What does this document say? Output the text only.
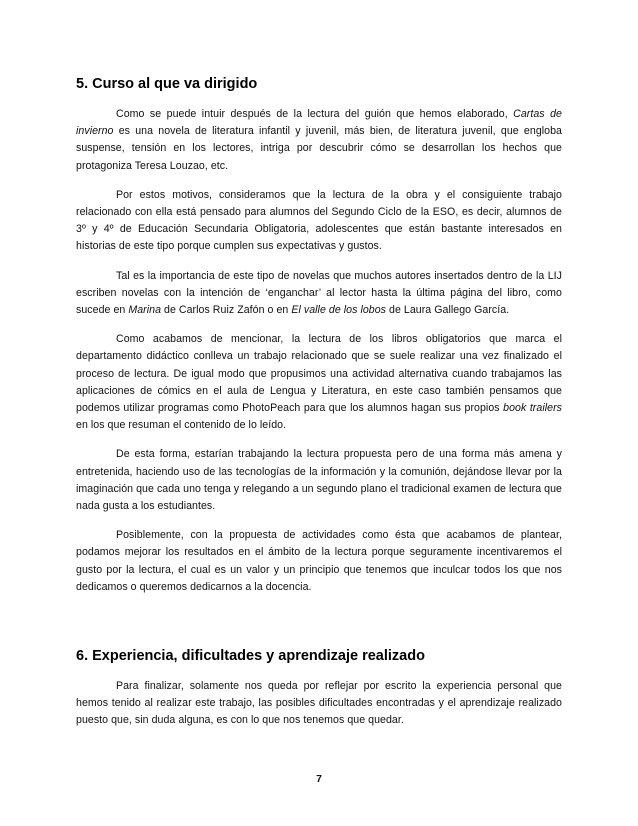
5. Curso al que va dirigido

Como se puede intuir después de la lectura del guión que hemos elaborado, Cartas de invierno es una novela de literatura infantil y juvenil, más bien, de literatura juvenil, que engloba suspense, tensión en los lectores, intriga por descubrir cómo se desarrollan los hechos que protagoniza Teresa Louzao, etc.

Por estos motivos, consideramos que la lectura de la obra y el consiguiente trabajo relacionado con ella está pensado para alumnos del Segundo Ciclo de la ESO, es decir, alumnos de 3º y 4º de Educación Secundaria Obligatoria, adolescentes que están bastante interesados en historias de este tipo porque cumplen sus expectativas y gustos.

Tal es la importancia de este tipo de novelas que muchos autores insertados dentro de la LIJ escriben novelas con la intención de ‘enganchar’ al lector hasta la última página del libro, como sucede en Marina de Carlos Ruiz Zafón o en El valle de los lobos de Laura Gallego García.

Como acabamos de mencionar, la lectura de los libros obligatorios que marca el departamento didáctico conlleva un trabajo relacionado que se suele realizar una vez finalizado el proceso de lectura. De igual modo que propusimos una actividad alternativa cuando trabajamos las aplicaciones de cómics en el aula de Lengua y Literatura, en este caso también pensamos que podemos utilizar programas como PhotoPeach para que los alumnos hagan sus propios book trailers en los que resuman el contenido de lo leído.

De esta forma, estarían trabajando la lectura propuesta pero de una forma más amena y entretenida, haciendo uso de las tecnologías de la información y la comunión, dejándose llevar por la imaginación que cada uno tenga y relegando a un segundo plano el tradicional examen de lectura que nada gusta a los estudiantes.

Posiblemente, con la propuesta de actividades como ésta que acabamos de plantear, podamos mejorar los resultados en el ámbito de la lectura porque seguramente incentivaremos el gusto por la lectura, el cual es un valor y un principio que tenemos que inculcar todos los que nos dedicamos o queremos dedicarnos a la docencia.

6. Experiencia, dificultades y aprendizaje realizado

Para finalizar, solamente nos queda por reflejar por escrito la experiencia personal que hemos tenido al realizar este trabajo, las posibles dificultades encontradas y el aprendizaje realizado puesto que, sin duda alguna, es con lo que nos tenemos que quedar.

7
